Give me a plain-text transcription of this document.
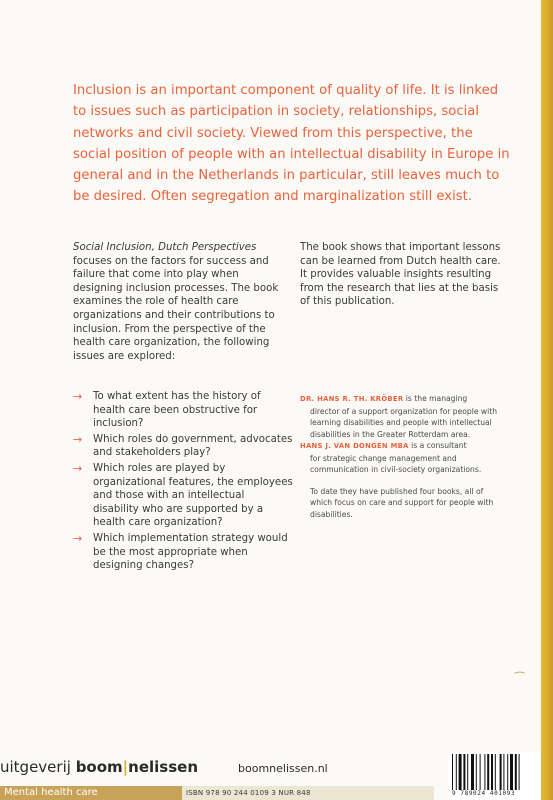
Inclusion is an important component of quality of life. It is linked to issues such as participation in society, relationships, social networks and civil society. Viewed from this perspective, the social position of people with an intellectual disability in Europe in general and in the Netherlands in particular, still leaves much to be desired. Often segregation and marginalization still exist.

Social Inclusion, Dutch Perspectives
focuses on the factors for success and failure that come into play when designing inclusion processes. The book examines the role of health care organizations and their contributions to inclusion. From the perspective of the health care organization, the following issues are explored:

→ To what extent has the history of health care been obstructive for inclusion?
→ Which roles do government, advocates and stakeholders play?
→ Which roles are played by organizational features, the employees and those with an intellectual disability who are supported by a health care organization?
→ Which implementation strategy would be the most appropriate when designing changes?

The book shows that important lessons can be learned from Dutch health care. It provides valuable insights resulting from the research that lies at the basis of this publication.

DR. HANS R. TH. KRÖBER is the managing
director of a support organization for people with learning disabilities and people with intellectual disabilities in the Greater Rotterdam area.

HANS J. VAN DONGEN MBA is a consultant
for strategic change management and communication in civil-society organizations.

To date they have published four books, all of which focus on care and support for people with disabilities.

⁀
uitgeverij boom|nelissen	boomnelissen.nl
Mental health care	ISBN 978 90 244 0109 3 NUR 848	9 789024 401093
